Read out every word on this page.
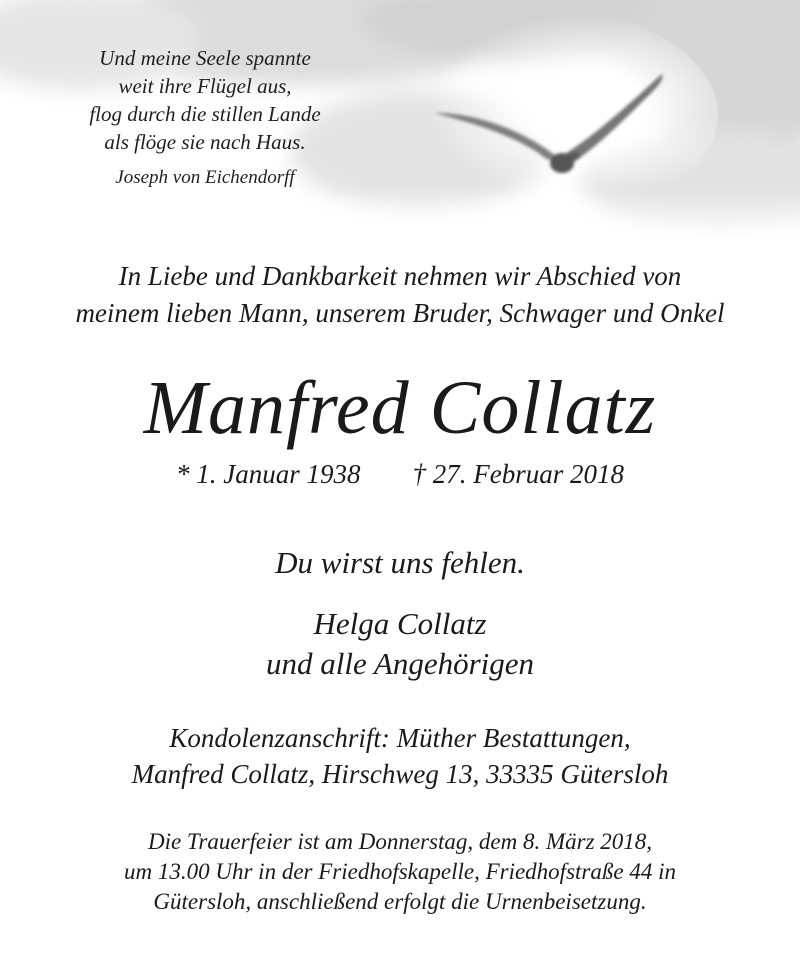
Und meine Seele spannte
weit ihre Flügel aus,
flog durch die stillen Lande
als flöge sie nach Haus.
Joseph von Eichendorff
In Liebe und Dankbarkeit nehmen wir Abschied von
meinem lieben Mann, unserem Bruder, Schwager und Onkel
Manfred Collatz
* 1. Januar 1938 † 27. Februar 2018
Du wirst uns fehlen.
Helga Collatz
und alle Angehörigen
Kondolenzanschrift: Müther Bestattungen,
Manfred Collatz, Hirschweg 13, 33335 Gütersloh
Die Trauerfeier ist am Donnerstag, dem 8. März 2018,
um 13.00 Uhr in der Friedhofskapelle, Friedhofstraße 44 in
Gütersloh, anschließend erfolgt die Urnenbeisetzung.
